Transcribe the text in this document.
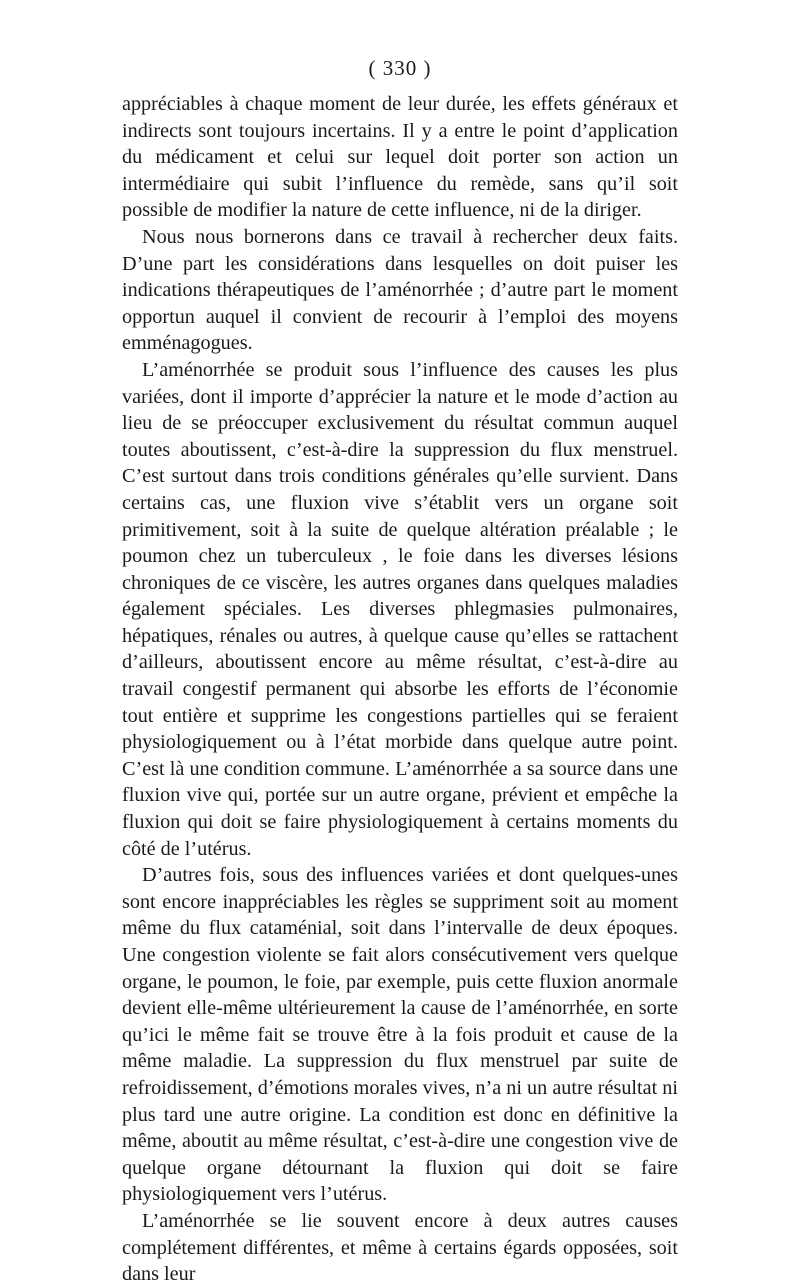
( 330 )

appréciables à chaque moment de leur durée, les effets généraux et indirects sont toujours incertains. Il y a entre le point d’application du médicament et celui sur lequel doit porter son action un intermédiaire qui subit l’influence du remède, sans qu’il soit possible de modifier la nature de cette influence, ni de la diriger.

Nous nous bornerons dans ce travail à rechercher deux faits. D’une part les considérations dans lesquelles on doit puiser les indications thérapeutiques de l’aménorrhée ; d’autre part le moment opportun auquel il convient de recourir à l’emploi des moyens emménagogues.

L’aménorrhée se produit sous l’influence des causes les plus variées, dont il importe d’apprécier la nature et le mode d’action au lieu de se préoccuper exclusivement du résultat commun auquel toutes aboutissent, c’est-à-dire la suppression du flux menstruel. C’est surtout dans trois conditions générales qu’elle survient. Dans certains cas, une fluxion vive s’établit vers un organe soit primitivement, soit à la suite de quelque altération préalable ; le poumon chez un tuberculeux , le foie dans les diverses lésions chroniques de ce viscère, les autres organes dans quelques maladies également spéciales. Les diverses phlegmasies pulmonaires, hépatiques, rénales ou autres, à quelque cause qu’elles se rattachent d’ailleurs, aboutissent encore au même résultat, c’est-à-dire au travail congestif permanent qui absorbe les efforts de l’économie tout entière et supprime les congestions partielles qui se feraient physiologiquement ou à l’état morbide dans quelque autre point. C’est là une condition commune. L’aménorrhée a sa source dans une fluxion vive qui, portée sur un autre organe, prévient et empêche la fluxion qui doit se faire physiologiquement à certains moments du côté de l’utérus.

D’autres fois, sous des influences variées et dont quelques-unes sont encore inappréciables les règles se suppriment soit au moment même du flux cataménial, soit dans l’intervalle de deux époques. Une congestion violente se fait alors consécutivement vers quelque organe, le poumon, le foie, par exemple, puis cette fluxion anormale devient elle-même ultérieurement la cause de l’aménorrhée, en sorte qu’ici le même fait se trouve être à la fois produit et cause de la même maladie. La suppression du flux menstruel par suite de refroidissement, d’émotions morales vives, n’a ni un autre résultat ni plus tard une autre origine. La condition est donc en définitive la même, aboutit au même résultat, c’est-à-dire une congestion vive de quelque organe détournant la fluxion qui doit se faire physiologiquement vers l’utérus.

L’aménorrhée se lie souvent encore à deux autres causes complétement différentes, et même à certains égards opposées, soit dans leur
